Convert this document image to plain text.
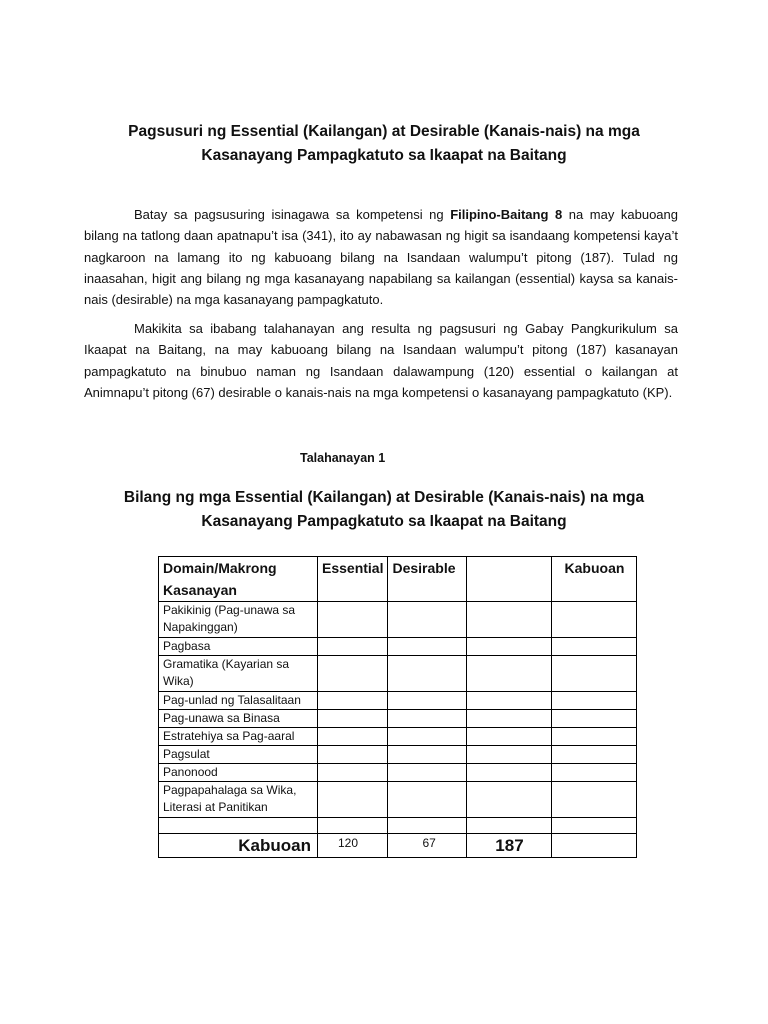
Pagsusuri ng Essential (Kailangan) at Desirable (Kanais-nais) na mga
Kasanayang Pampagkatuto sa Ikaapat na Baitang
Batay sa pagsusuring isinagawa sa kompetensi ng Filipino-Baitang 8 na may kabuoang bilang na tatlong daan apatnapu’t isa (341), ito ay nabawasan ng higit sa isandaang kompetensi kaya’t nagkaroon na lamang ito ng kabuoang bilang na Isandaan walumpu’t pitong (187). Tulad ng inaasahan, higit ang bilang ng mga kasanayang napabilang sa kailangan (essential) kaysa sa kanais-nais (desirable) na mga kasanayang pampagkatuto.
Makikita sa ibabang talahanayan ang resulta ng pagsusuri ng Gabay Pangkurikulum sa Ikaapat na Baitang, na may kabuoang bilang na Isandaan walumpu’t pitong (187) kasanayan pampagkatuto na binubuo naman ng Isandaan dalawampung (120) essential o kailangan at Animnapu’t pitong (67) desirable o kanais-nais na mga kompetensi o kasanayang pampagkatuto (KP).
Talahanayan 1
Bilang ng mga Essential (Kailangan) at Desirable (Kanais-nais) na mga
Kasanayang Pampagkatuto sa Ikaapat na Baitang
Domain/Makrong Kasanayan	Essential	Desirable		Kabuoan
Pakikinig (Pag-unawa sa Napakinggan)				
Pagbasa				
Gramatika (Kayarian sa Wika)				
Pag-unlad ng Talasalitaan				
Pag-unawa sa Binasa				
Estratehiya sa Pag-aaral				
Pagsulat				
Panonood				
Pagpapahalaga sa Wika, Literasi at Panitikan				

Kabuoan	120	67	187	
